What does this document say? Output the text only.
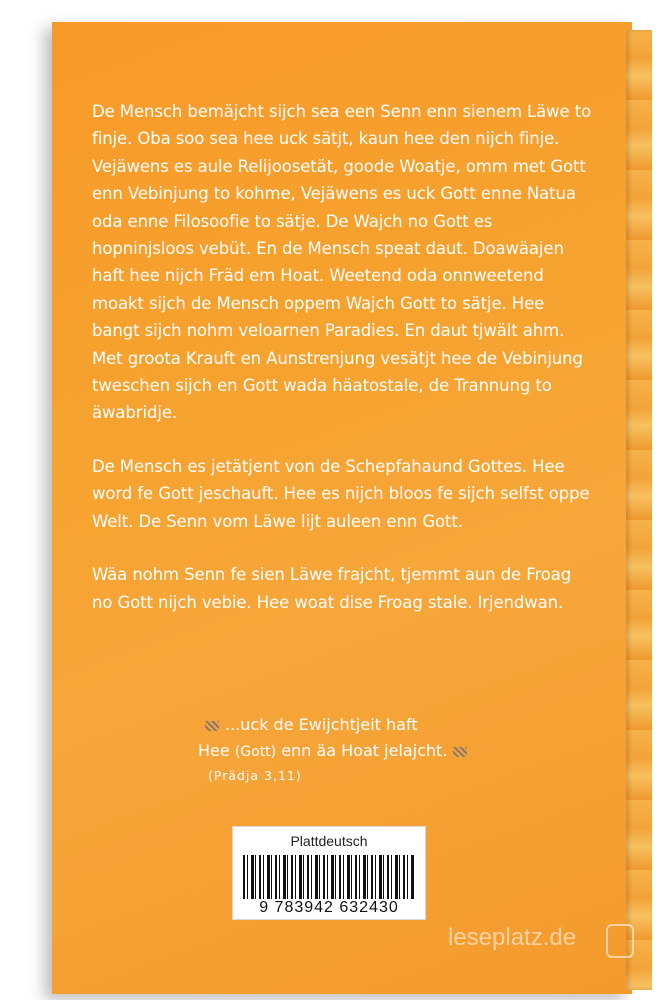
De Mensch bemäjcht sijch sea een Senn enn sienem Läwe to finje. Oba soo sea hee uck sätjt, kaun hee den nijch finje. Vejäwens es aule Relijoosetät, goode Woatje, omm met Gott enn Vebinjung to kohme, Vejäwens es uck Gott enne Natua oda enne Filosoofie to sätje. De Wajch no Gott es hopninjsloos vebüt. En de Mensch speat daut. Doawäajen haft hee nijch Fräd em Hoat. Weetend oda onnweetend moakt sijch de Mensch oppem Wajch Gott to sätje. Hee bangt sijch nohm veloarnen Paradies. En daut tjwält ahm. Met groota Krauft en Aunstrenjung vesätjt hee de Vebinjung tweschen sijch en Gott wada häatostale, de Trannung to äwabridje.

De Mensch es jetätjent von de Schepfahaund Gottes. Hee word fe Gott jeschauft. Hee es nijch bloos fe sijch selfst oppe Welt. De Senn vom Läwe lijt auleen enn Gott.

Wäa nohm Senn fe sien Läwe frajcht, tjemmt aun de Froag no Gott nijch vebie. Hee woat dise Froag stale. Irjendwan.

...uck de Ewijchtjeit haft
Hee (Gott) enn äa Hoat jelajcht.
(Prädja 3,11)
Plattdeutsch
9 783942 632430
leseplatz.de
